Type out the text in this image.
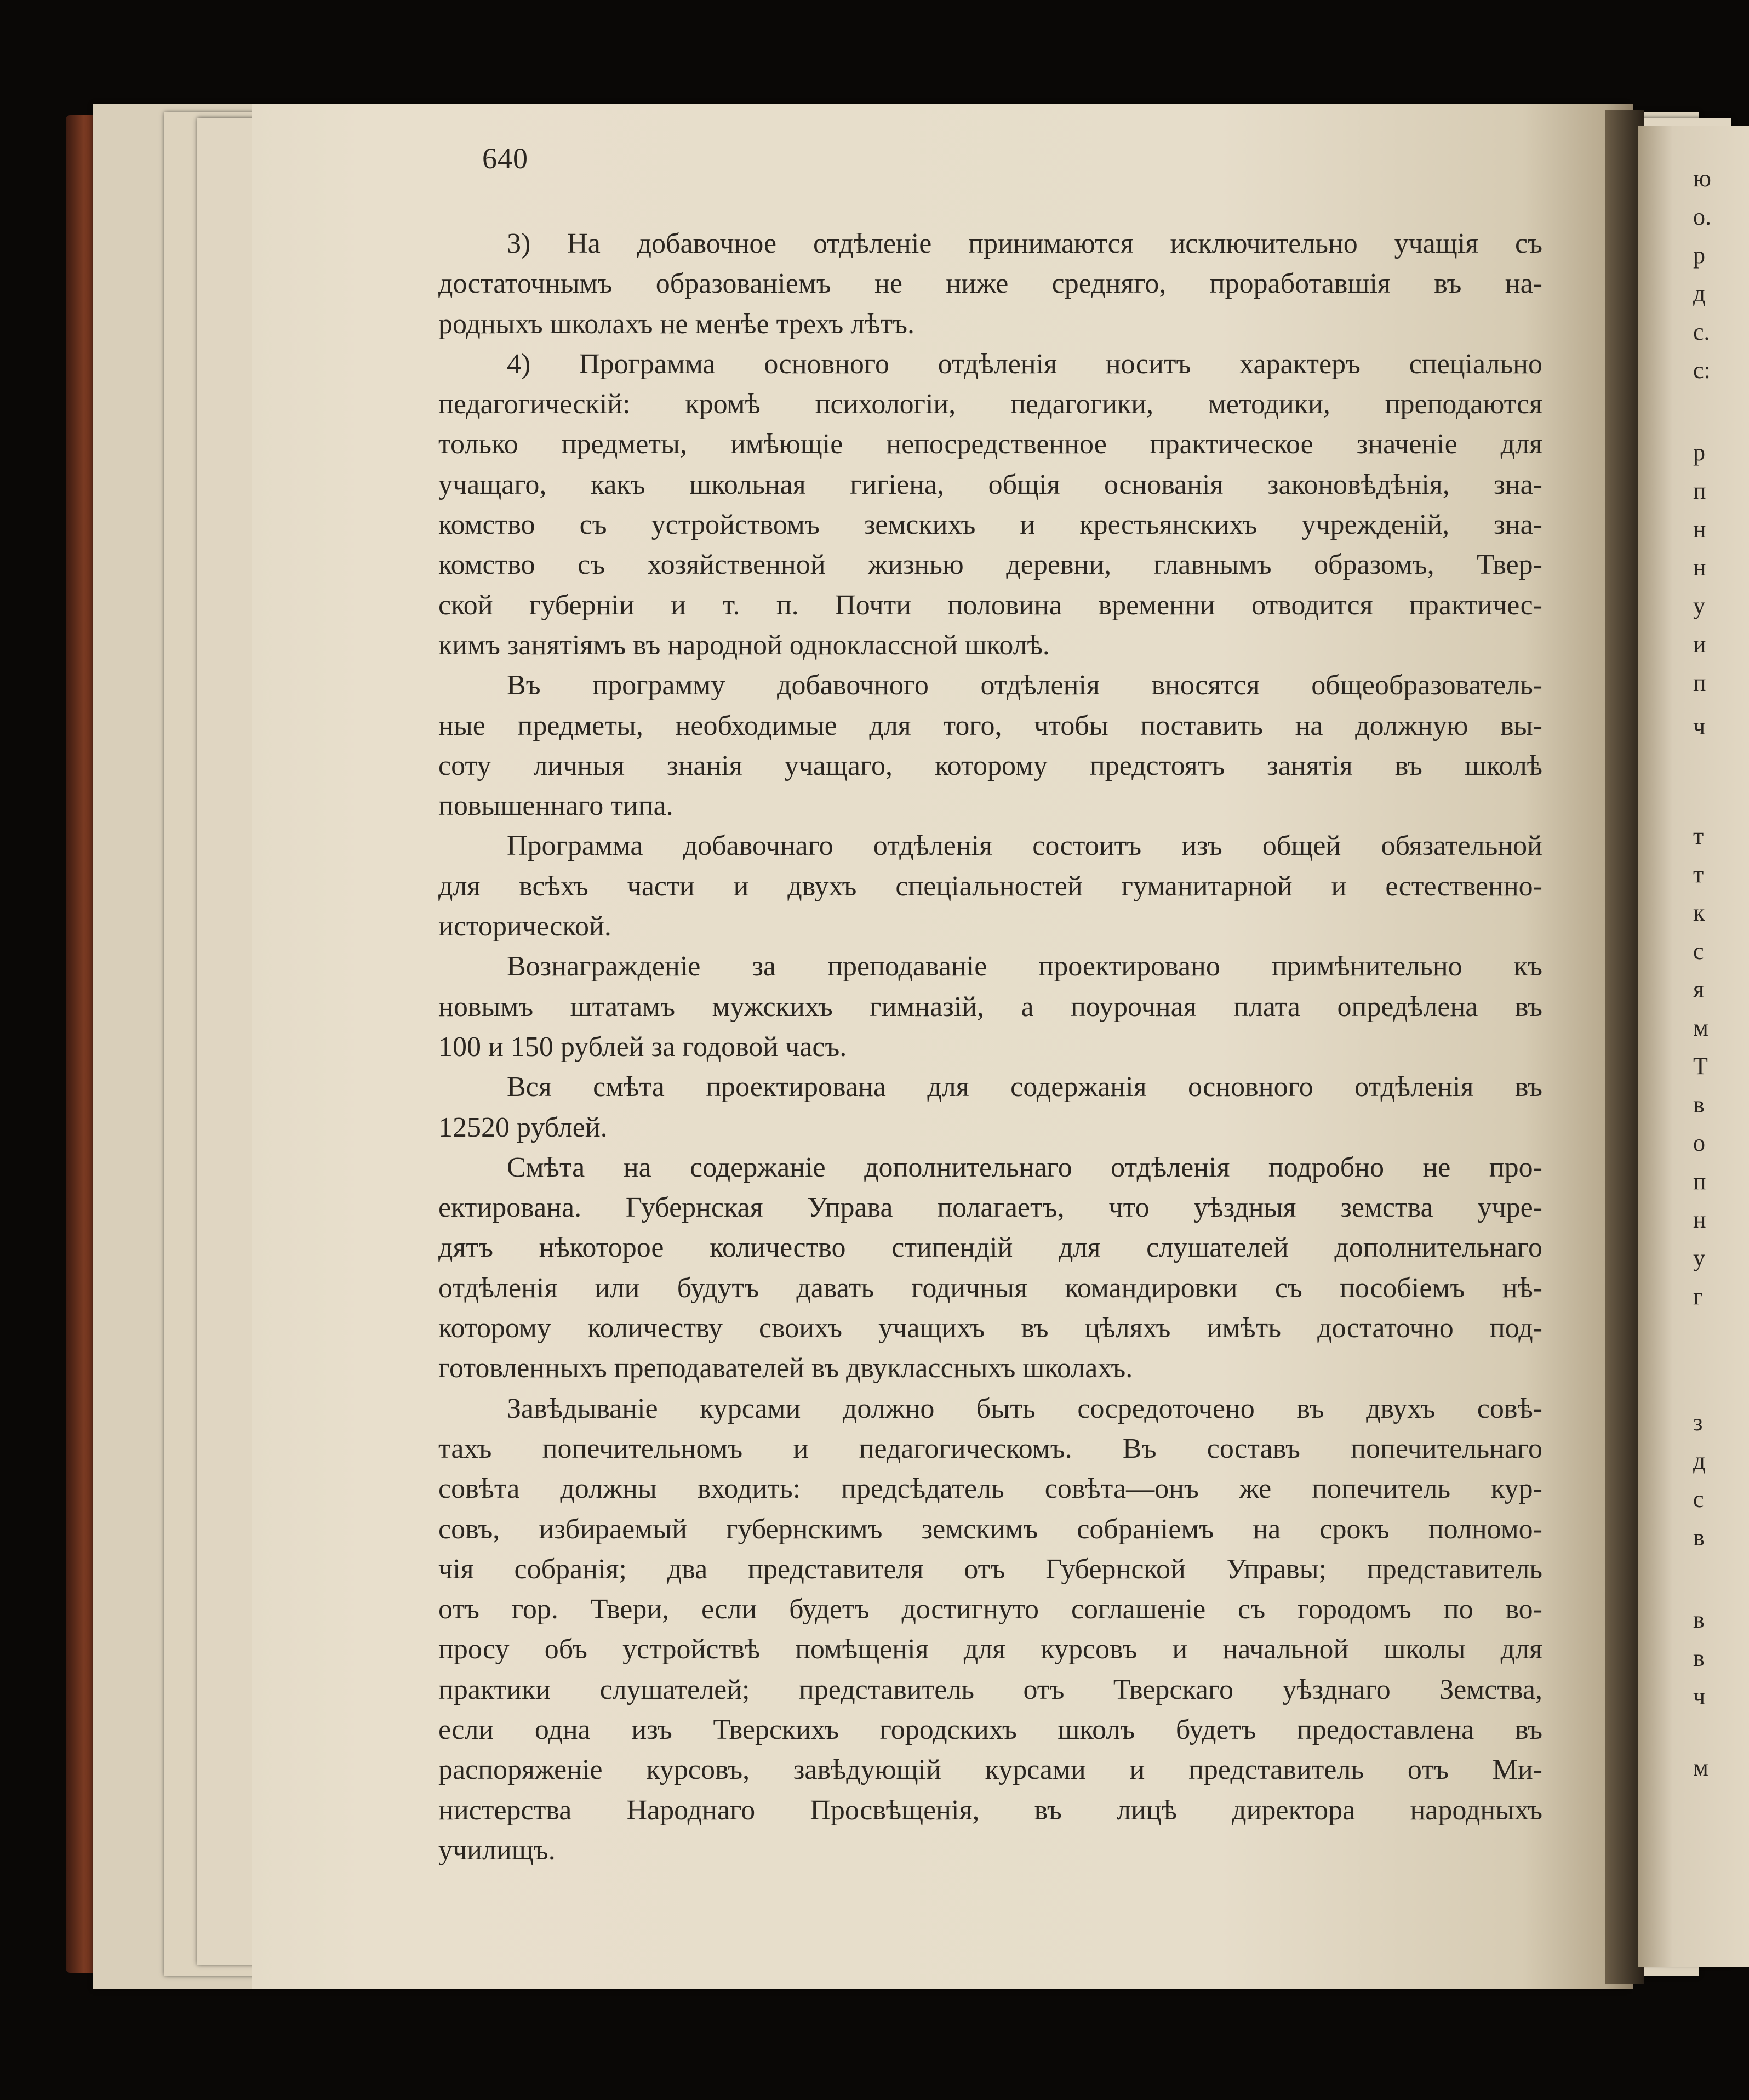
ю
о.
р
д
с.
с:
р
п
н
н
у
и
п
ч
т
т
к
с
я
м
Т
в
о
п
н
у
г
з
д
с
в
в
в
ч
м
640

3) На добавочное отдѣленіе принимаются исключительно учащія съ

достаточнымъ образованіемъ не ниже средняго, проработавшія въ на-

родныхъ школахъ не менѣе трехъ лѣтъ.

4) Программа основного отдѣленія носитъ характеръ спеціально

педагогическій: кромѣ психологіи, педагогики, методики, преподаются

только предметы, имѣющіе непосредственное практическое значеніе для

учащаго, какъ школьная гигіена, общія основанія законовѣдѣнія, зна-

комство съ устройствомъ земскихъ и крестьянскихъ учрежденій, зна-

комство съ хозяйственной жизнью деревни, главнымъ образомъ, Твер-

ской губерніи и т. п. Почти половина временни отводится практичес-

кимъ занятіямъ въ народной одноклассной школѣ.

Въ программу добавочного отдѣленія вносятся общеобразователь-

ные предметы, необходимые для того, чтобы поставить на должную вы-

соту личныя знанія учащаго, которому предстоятъ занятія въ школѣ

повышеннаго типа.

Программа добавочнаго отдѣленія состоитъ изъ общей обязательной

для всѣхъ части и двухъ спеціальностей гуманитарной и естественно-

исторической.

Вознагражденіе за преподаваніе проектировано примѣнительно къ

новымъ штатамъ мужскихъ гимназій, а поурочная плата опредѣлена въ

100 и 150 рублей за годовой часъ.

Вся смѣта проектирована для содержанія основного отдѣленія въ

12520 рублей.

Смѣта на содержаніе дополнительнаго отдѣленія подробно не про-

ектирована. Губернская Управа полагаетъ, что уѣздныя земства учре-

дятъ нѣкоторое количество стипендій для слушателей дополнительнаго

отдѣленія или будутъ давать годичныя командировки съ пособіемъ нѣ-

которому количеству своихъ учащихъ въ цѣляхъ имѣть достаточно под-

готовленныхъ преподавателей въ двуклассныхъ школахъ.

Завѣдываніе курсами должно быть сосредоточено въ двухъ совѣ-

тахъ попечительномъ и педагогическомъ. Въ составъ попечительнаго

совѣта должны входить: предсѣдатель совѣта—онъ же попечитель кур-

совъ, избираемый губернскимъ земскимъ собраніемъ на срокъ полномо-

чія собранія; два представителя отъ Губернской Управы; представитель

отъ гор. Твери, если будетъ достигнуто соглашеніе съ городомъ по во-

просу объ устройствѣ помѣщенія для курсовъ и начальной школы для

практики слушателей; представитель отъ Тверскаго уѣзднаго Земства,

если одна изъ Тверскихъ городскихъ школъ будетъ предоставлена въ

распоряженіе курсовъ, завѣдующій курсами и представитель отъ Ми-

нистерства Народнаго Просвѣщенія, въ лицѣ директора народныхъ

училищъ.
